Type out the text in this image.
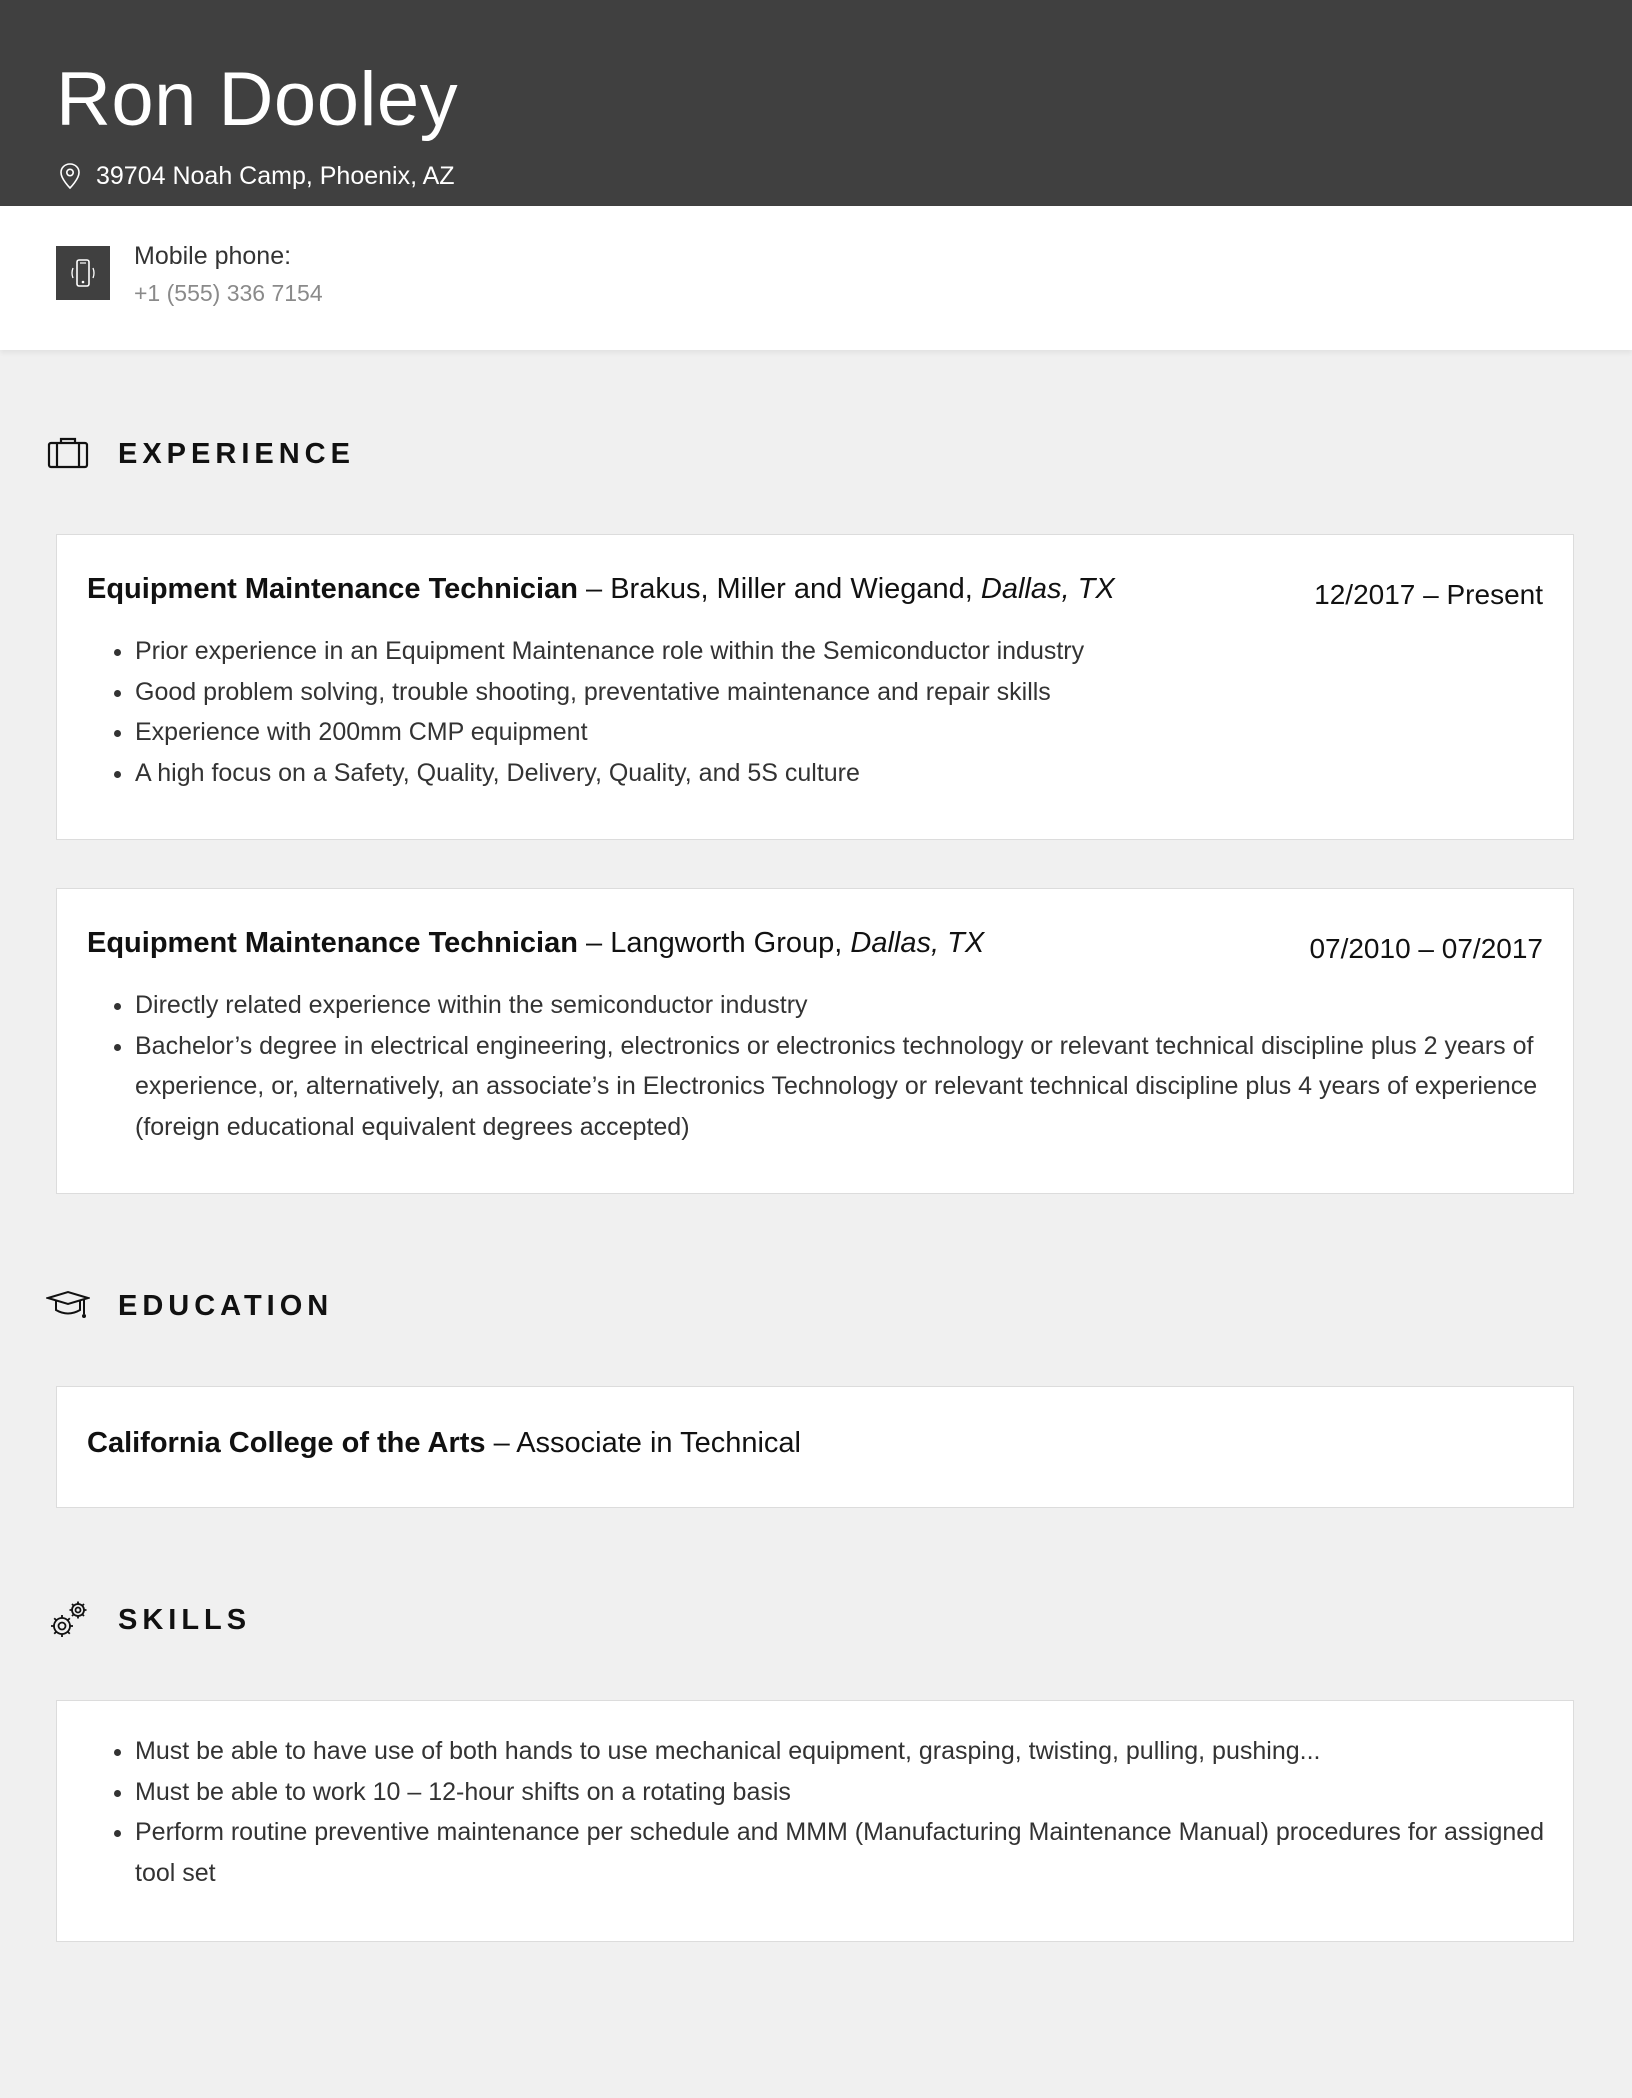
Ron Dooley
39704 Noah Camp, Phoenix, AZ
Mobile phone:
+1 (555) 336 7154
EXPERIENCE
Equipment Maintenance Technician – Brakus, Miller and Wiegand, Dallas, TX	12/2017 – Present
• Prior experience in an Equipment Maintenance role within the Semiconductor industry
• Good problem solving, trouble shooting, preventative maintenance and repair skills
• Experience with 200mm CMP equipment
• A high focus on a Safety, Quality, Delivery, Quality, and 5S culture
Equipment Maintenance Technician – Langworth Group, Dallas, TX	07/2010 – 07/2017
• Directly related experience within the semiconductor industry
• Bachelor’s degree in electrical engineering, electronics or electronics technology or relevant technical discipline plus 2 years of experience, or, alternatively, an associate’s in Electronics Technology or relevant technical discipline plus 4 years of experience (foreign educational equivalent degrees accepted)
EDUCATION
California College of the Arts – Associate in Technical
SKILLS
• Must be able to have use of both hands to use mechanical equipment, grasping, twisting, pulling, pushing...
• Must be able to work 10 – 12-hour shifts on a rotating basis
• Perform routine preventive maintenance per schedule and MMM (Manufacturing Maintenance Manual) procedures for assigned tool set
